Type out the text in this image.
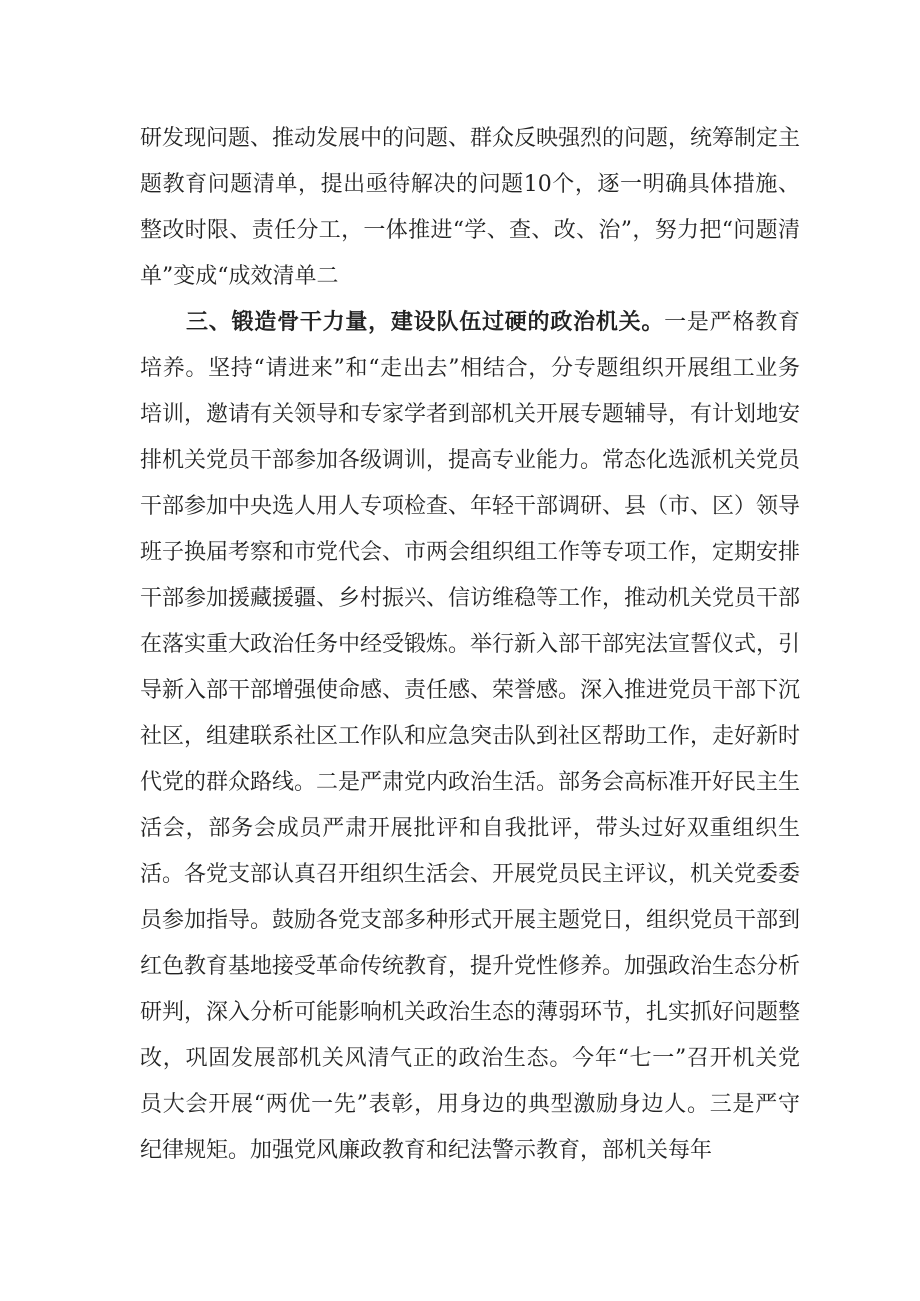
研发现问题、推动发展中的问题、群众反映强烈的问题，统筹制定主题教育问题清单，提出亟待解决的问题10个，逐一明确具体措施、整改时限、责任分工，一体推进“学、查、改、治”，努力把“问题清单”变成“成效清单二

三、锻造骨干力量，建设队伍过硬的政治机关。一是严格教育培养。坚持“请进来”和“走出去”相结合，分专题组织开展组工业务培训，邀请有关领导和专家学者到部机关开展专题辅导，有计划地安排机关党员干部参加各级调训，提高专业能力。常态化选派机关党员干部参加中央选人用人专项检查、年轻干部调研、县（市、区）领导班子换届考察和市党代会、市两会组织组工作等专项工作，定期安排干部参加援藏援疆、乡村振兴、信访维稳等工作，推动机关党员干部在落实重大政治任务中经受锻炼。举行新入部干部宪法宣誓仪式，引导新入部干部增强使命感、责任感、荣誉感。深入推进党员干部下沉社区，组建联系社区工作队和应急突击队到社区帮助工作，走好新时代党的群众路线。二是严肃党内政治生活。部务会高标准开好民主生活会，部务会成员严肃开展批评和自我批评，带头过好双重组织生活。各党支部认真召开组织生活会、开展党员民主评议，机关党委委员参加指导。鼓励各党支部多种形式开展主题党日，组织党员干部到红色教育基地接受革命传统教育，提升党性修养。加强政治生态分析研判，深入分析可能影响机关政治生态的薄弱环节，扎实抓好问题整改，巩固发展部机关风清气正的政治生态。今年“七一”召开机关党员大会开展“两优一先”表彰，用身边的典型激励身边人。三是严守纪律规矩。加强党风廉政教育和纪法警示教育，部机关每年
